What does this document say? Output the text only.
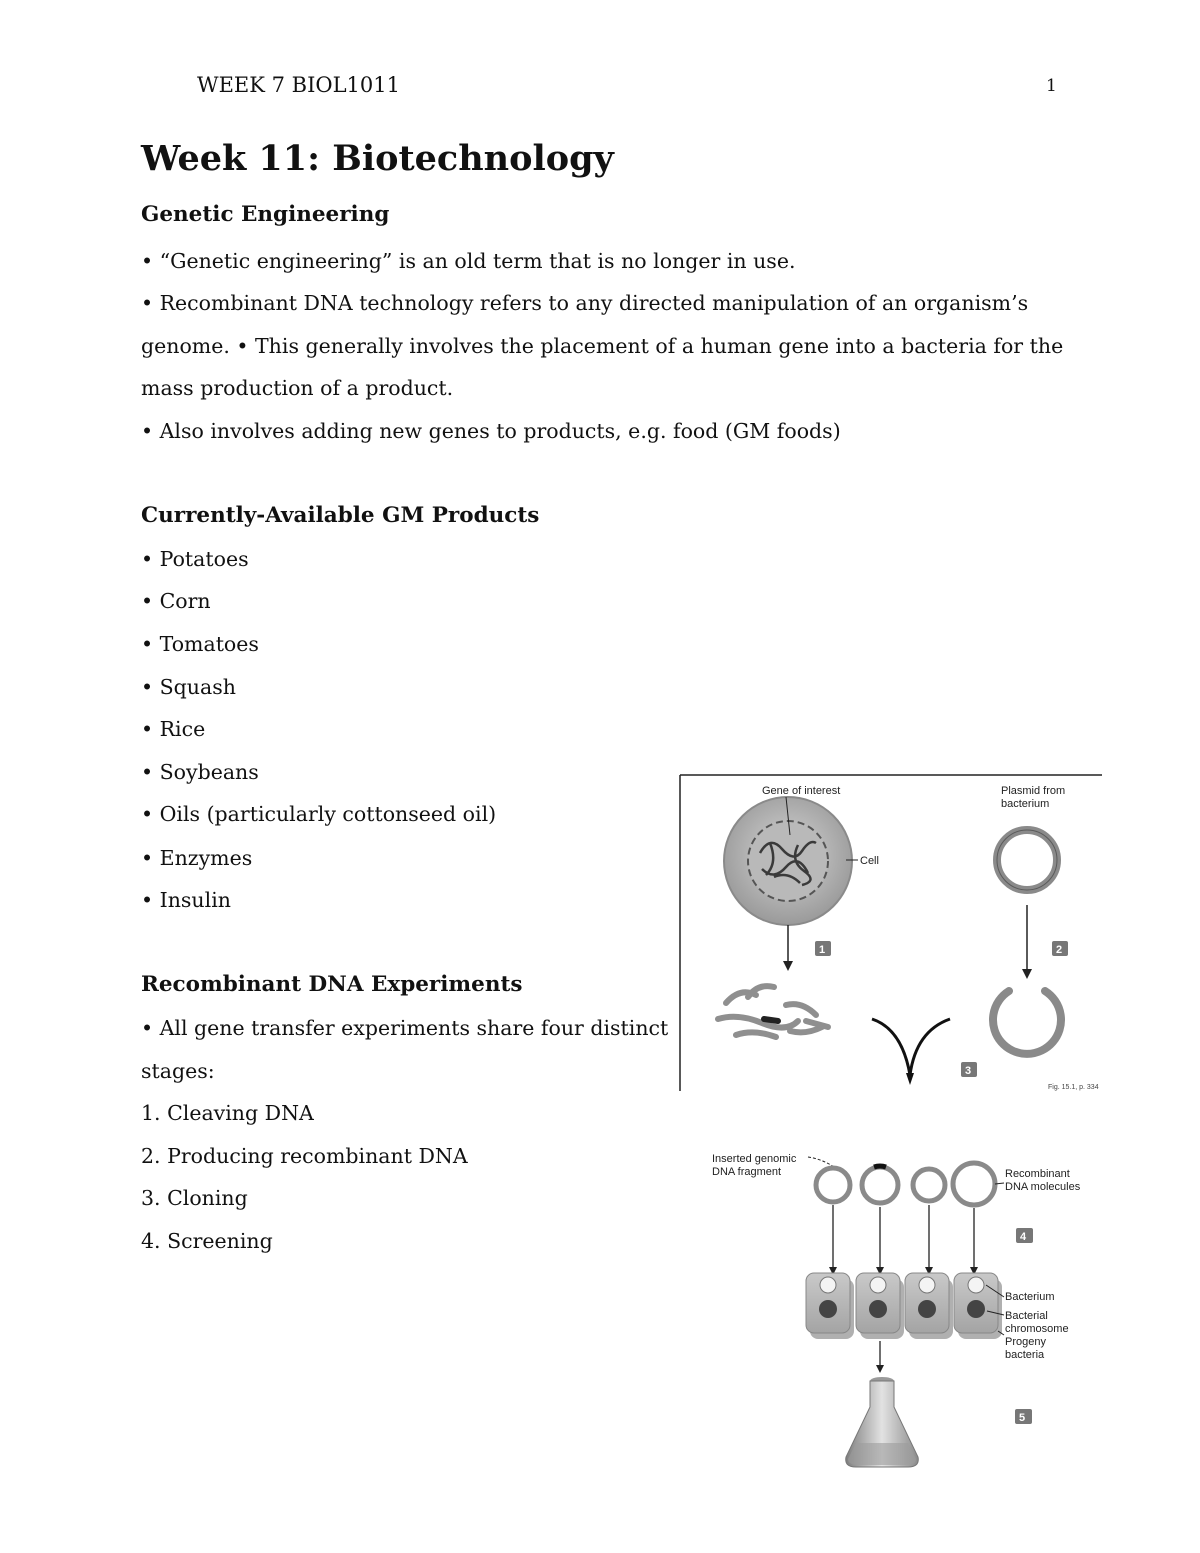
WEEK 7 BIOL1011	1
Week 11: Biotechnology
Genetic Engineering
• “Genetic engineering” is an old term that is no longer in use.
• Recombinant DNA technology refers to any directed manipulation of an organism’s
genome. • This generally involves the placement of a human gene into a bacteria for the
mass production of a product.
• Also involves adding new genes to products, e.g. food (GM foods)
Currently-Available GM Products
• Potatoes
• Corn
• Tomatoes
• Squash
• Rice
• Soybeans
• Oils (particularly cottonseed oil)
• Enzymes
• Insulin
Recombinant DNA Experiments
• All gene transfer experiments share four distinct
stages:
1. Cleaving DNA
2. Producing recombinant DNA
3. Cloning
4. Screening
Gene of interest	Plasmid from
bacterium
Cell
1	2
3
Fig. 15.1, p. 334
Inserted genomic
DNA fragment	Recombinant
DNA molecules
4
Bacterium
Bacterial
chromosome
Progeny
bacteria
5
